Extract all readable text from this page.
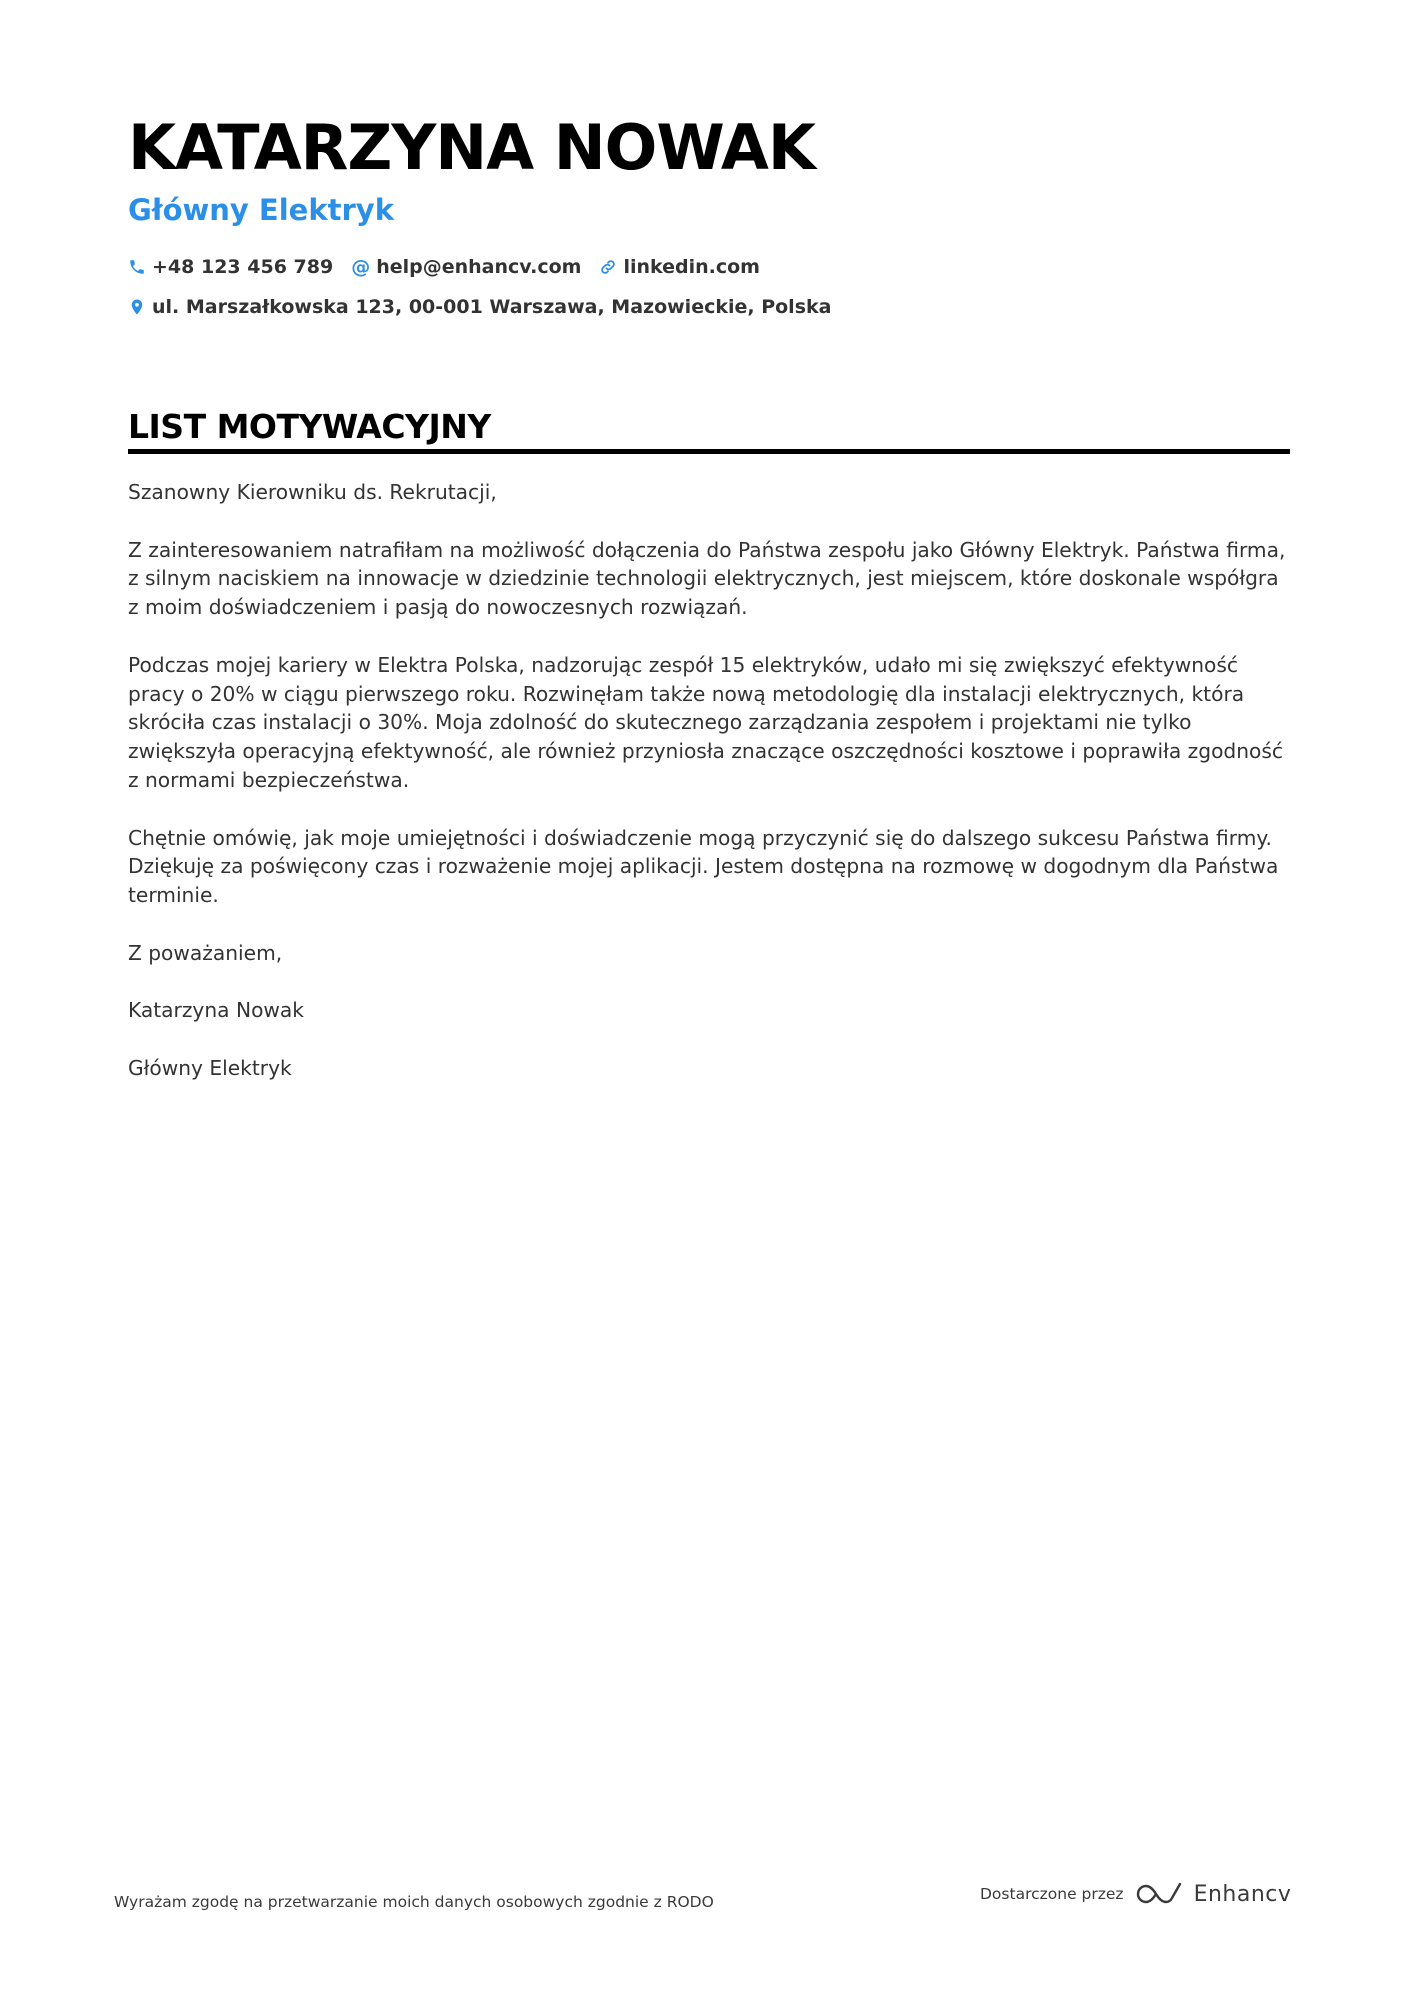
KATARZYNA NOWAK
Główny Elektryk
+48 123 456 789 @ help@enhancv.com linkedin.com
ul. Marszałkowska 123, 00-001 Warszawa, Mazowieckie, Polska
LIST MOTYWACYJNY

Szanowny Kierowniku ds. Rekrutacji,

Z zainteresowaniem natrafiłam na możliwość dołączenia do Państwa zespołu jako Główny Elektryk. Państwa firma, z silnym naciskiem na innowacje w dziedzinie technologii elektrycznych, jest miejscem, które doskonale współgra z moim doświadczeniem i pasją do nowoczesnych rozwiązań.

Podczas mojej kariery w Elektra Polska, nadzorując zespół 15 elektryków, udało mi się zwiększyć efektywność pracy o 20% w ciągu pierwszego roku. Rozwinęłam także nową metodologię dla instalacji elektrycznych, która skróciła czas instalacji o 30%. Moja zdolność do skutecznego zarządzania zespołem i projektami nie tylko zwiększyła operacyjną efektywność, ale również przyniosła znaczące oszczędności kosztowe i poprawiła zgodność z normami bezpieczeństwa.

Chętnie omówię, jak moje umiejętności i doświadczenie mogą przyczynić się do dalszego sukcesu Państwa firmy. Dziękuję za poświęcony czas i rozważenie mojej aplikacji. Jestem dostępna na rozmowę w dogodnym dla Państwa terminie.

Z poważaniem,

Katarzyna Nowak

Główny Elektryk

Wyrażam zgodę na przetwarzanie moich danych osobowych zgodnie z RODO	Dostarczone przez	Enhancv
